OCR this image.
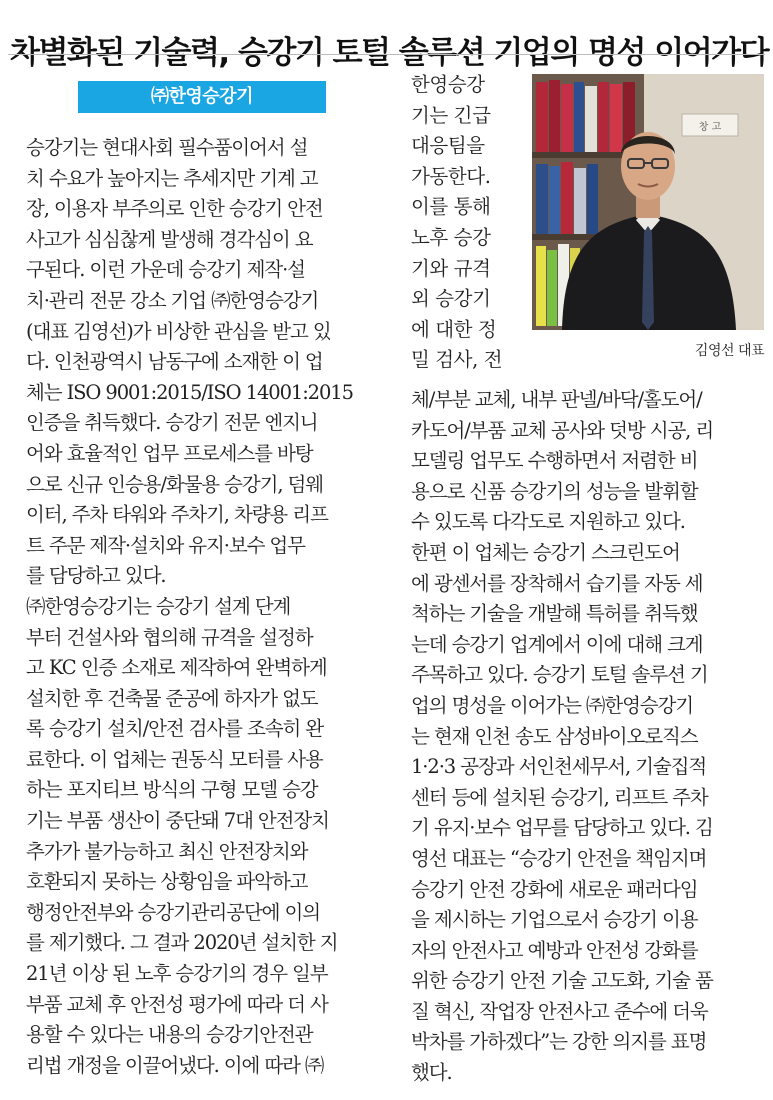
차별화된 기술력, 승강기 토털 솔루션 기업의 명성 이어가다
㈜한영승강기

승강기는 현대사회 필수품이어서 설

치 수요가 높아지는 추세지만 기계 고

장, 이용자 부주의로 인한 승강기 안전

사고가 심심찮게 발생해 경각심이 요

구된다. 이런 가운데 승강기 제작·설

치·관리 전문 강소 기업 ㈜한영승강기

(대표 김영선)가 비상한 관심을 받고 있

다. 인천광역시 남동구에 소재한 이 업

체는 ISO 9001:2015/ISO 14001:2015

인증을 취득했다. 승강기 전문 엔지니

어와 효율적인 업무 프로세스를 바탕

으로 신규 인승용/화물용 승강기, 덤웨

이터, 주차 타워와 주차기, 차량용 리프

트 주문 제작·설치와 유지·보수 업무

를 담당하고 있다.

㈜한영승강기는 승강기 설계 단계

부터 건설사와 협의해 규격을 설정하

고 KC 인증 소재로 제작하여 완벽하게

설치한 후 건축물 준공에 하자가 없도

록 승강기 설치/안전 검사를 조속히 완

료한다. 이 업체는 권동식 모터를 사용

하는 포지티브 방식의 구형 모델 승강

기는 부품 생산이 중단돼 7대 안전장치

추가가 불가능하고 최신 안전장치와

호환되지 못하는 상황임을 파악하고

행정안전부와 승강기관리공단에 이의

를 제기했다. 그 결과 2020년 설치한 지

21년 이상 된 노후 승강기의 경우 일부

부품 교체 후 안전성 평가에 따라 더 사

용할 수 있다는 내용의 승강기안전관

리법 개정을 이끌어냈다. 이에 따라 ㈜

한영승강

기는 긴급

대응팀을

가동한다.

이를 통해

노후 승강

기와 규격

외 승강기

에 대한 정

밀 검사, 전

체/부분 교체, 내부 판넬/바닥/홀도어/

카도어/부품 교체 공사와 덧방 시공, 리

모델링 업무도 수행하면서 저렴한 비

용으로 신품 승강기의 성능을 발휘할

수 있도록 다각도로 지원하고 있다.

한편 이 업체는 승강기 스크린도어

에 광센서를 장착해서 습기를 자동 세

척하는 기술을 개발해 특허를 취득했

는데 승강기 업계에서 이에 대해 크게

주목하고 있다. 승강기 토털 솔루션 기

업의 명성을 이어가는 ㈜한영승강기

는 현재 인천 송도 삼성바이오로직스

1·2·3 공장과 서인천세무서, 기술집적

센터 등에 설치된 승강기, 리프트 주차

기 유지·보수 업무를 담당하고 있다. 김

영선 대표는 “승강기 안전을 책임지며

승강기 안전 강화에 새로운 패러다임

을 제시하는 기업으로서 승강기 이용

자의 안전사고 예방과 안전성 강화를

위한 승강기 안전 기술 고도화, 기술 품

질 혁신, 작업장 안전사고 준수에 더욱

박차를 가하겠다”는 강한 의지를 표명

했다.

창 고
김영선 대표
